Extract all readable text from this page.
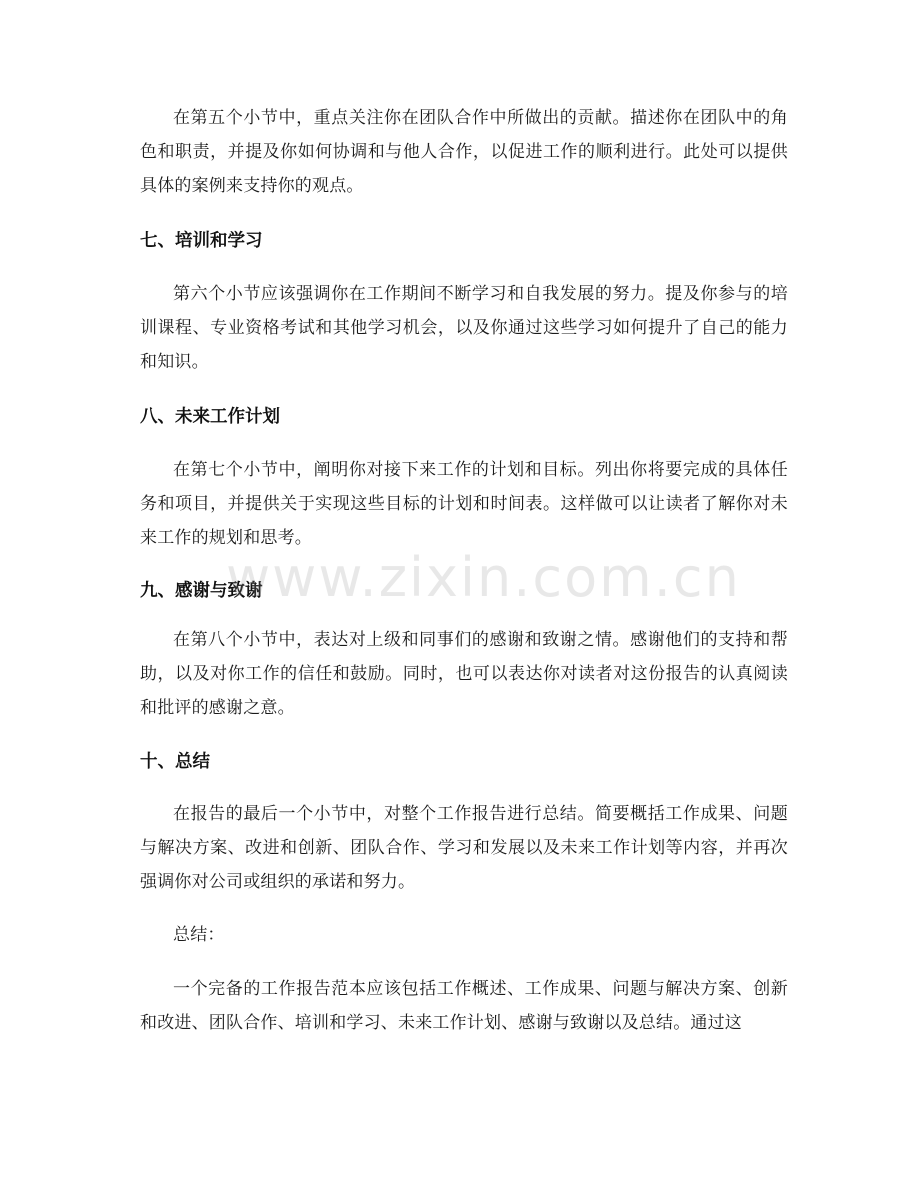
在第五个小节中，重点关注你在团队合作中所做出的贡献。描述你在团队中的角色和职责，并提及你如何协调和与他人合作，以促进工作的顺利进行。此处可以提供具体的案例来支持你的观点。

七、培训和学习

第六个小节应该强调你在工作期间不断学习和自我发展的努力。提及你参与的培训课程、专业资格考试和其他学习机会，以及你通过这些学习如何提升了自己的能力和知识。

八、未来工作计划

在第七个小节中，阐明你对接下来工作的计划和目标。列出你将要完成的具体任务和项目，并提供关于实现这些目标的计划和时间表。这样做可以让读者了解你对未来工作的规划和思考。

九、感谢与致谢

在第八个小节中，表达对上级和同事们的感谢和致谢之情。感谢他们的支持和帮助，以及对你工作的信任和鼓励。同时，也可以表达你对读者对这份报告的认真阅读和批评的感谢之意。

十、总结

在报告的最后一个小节中，对整个工作报告进行总结。简要概括工作成果、问题与解决方案、改进和创新、团队合作、学习和发展以及未来工作计划等内容，并再次强调你对公司或组织的承诺和努力。

总结：

一个完备的工作报告范本应该包括工作概述、工作成果、问题与解决方案、创新和改进、团队合作、培训和学习、未来工作计划、感谢与致谢以及总结。通过这

www.zixin.com.cn
